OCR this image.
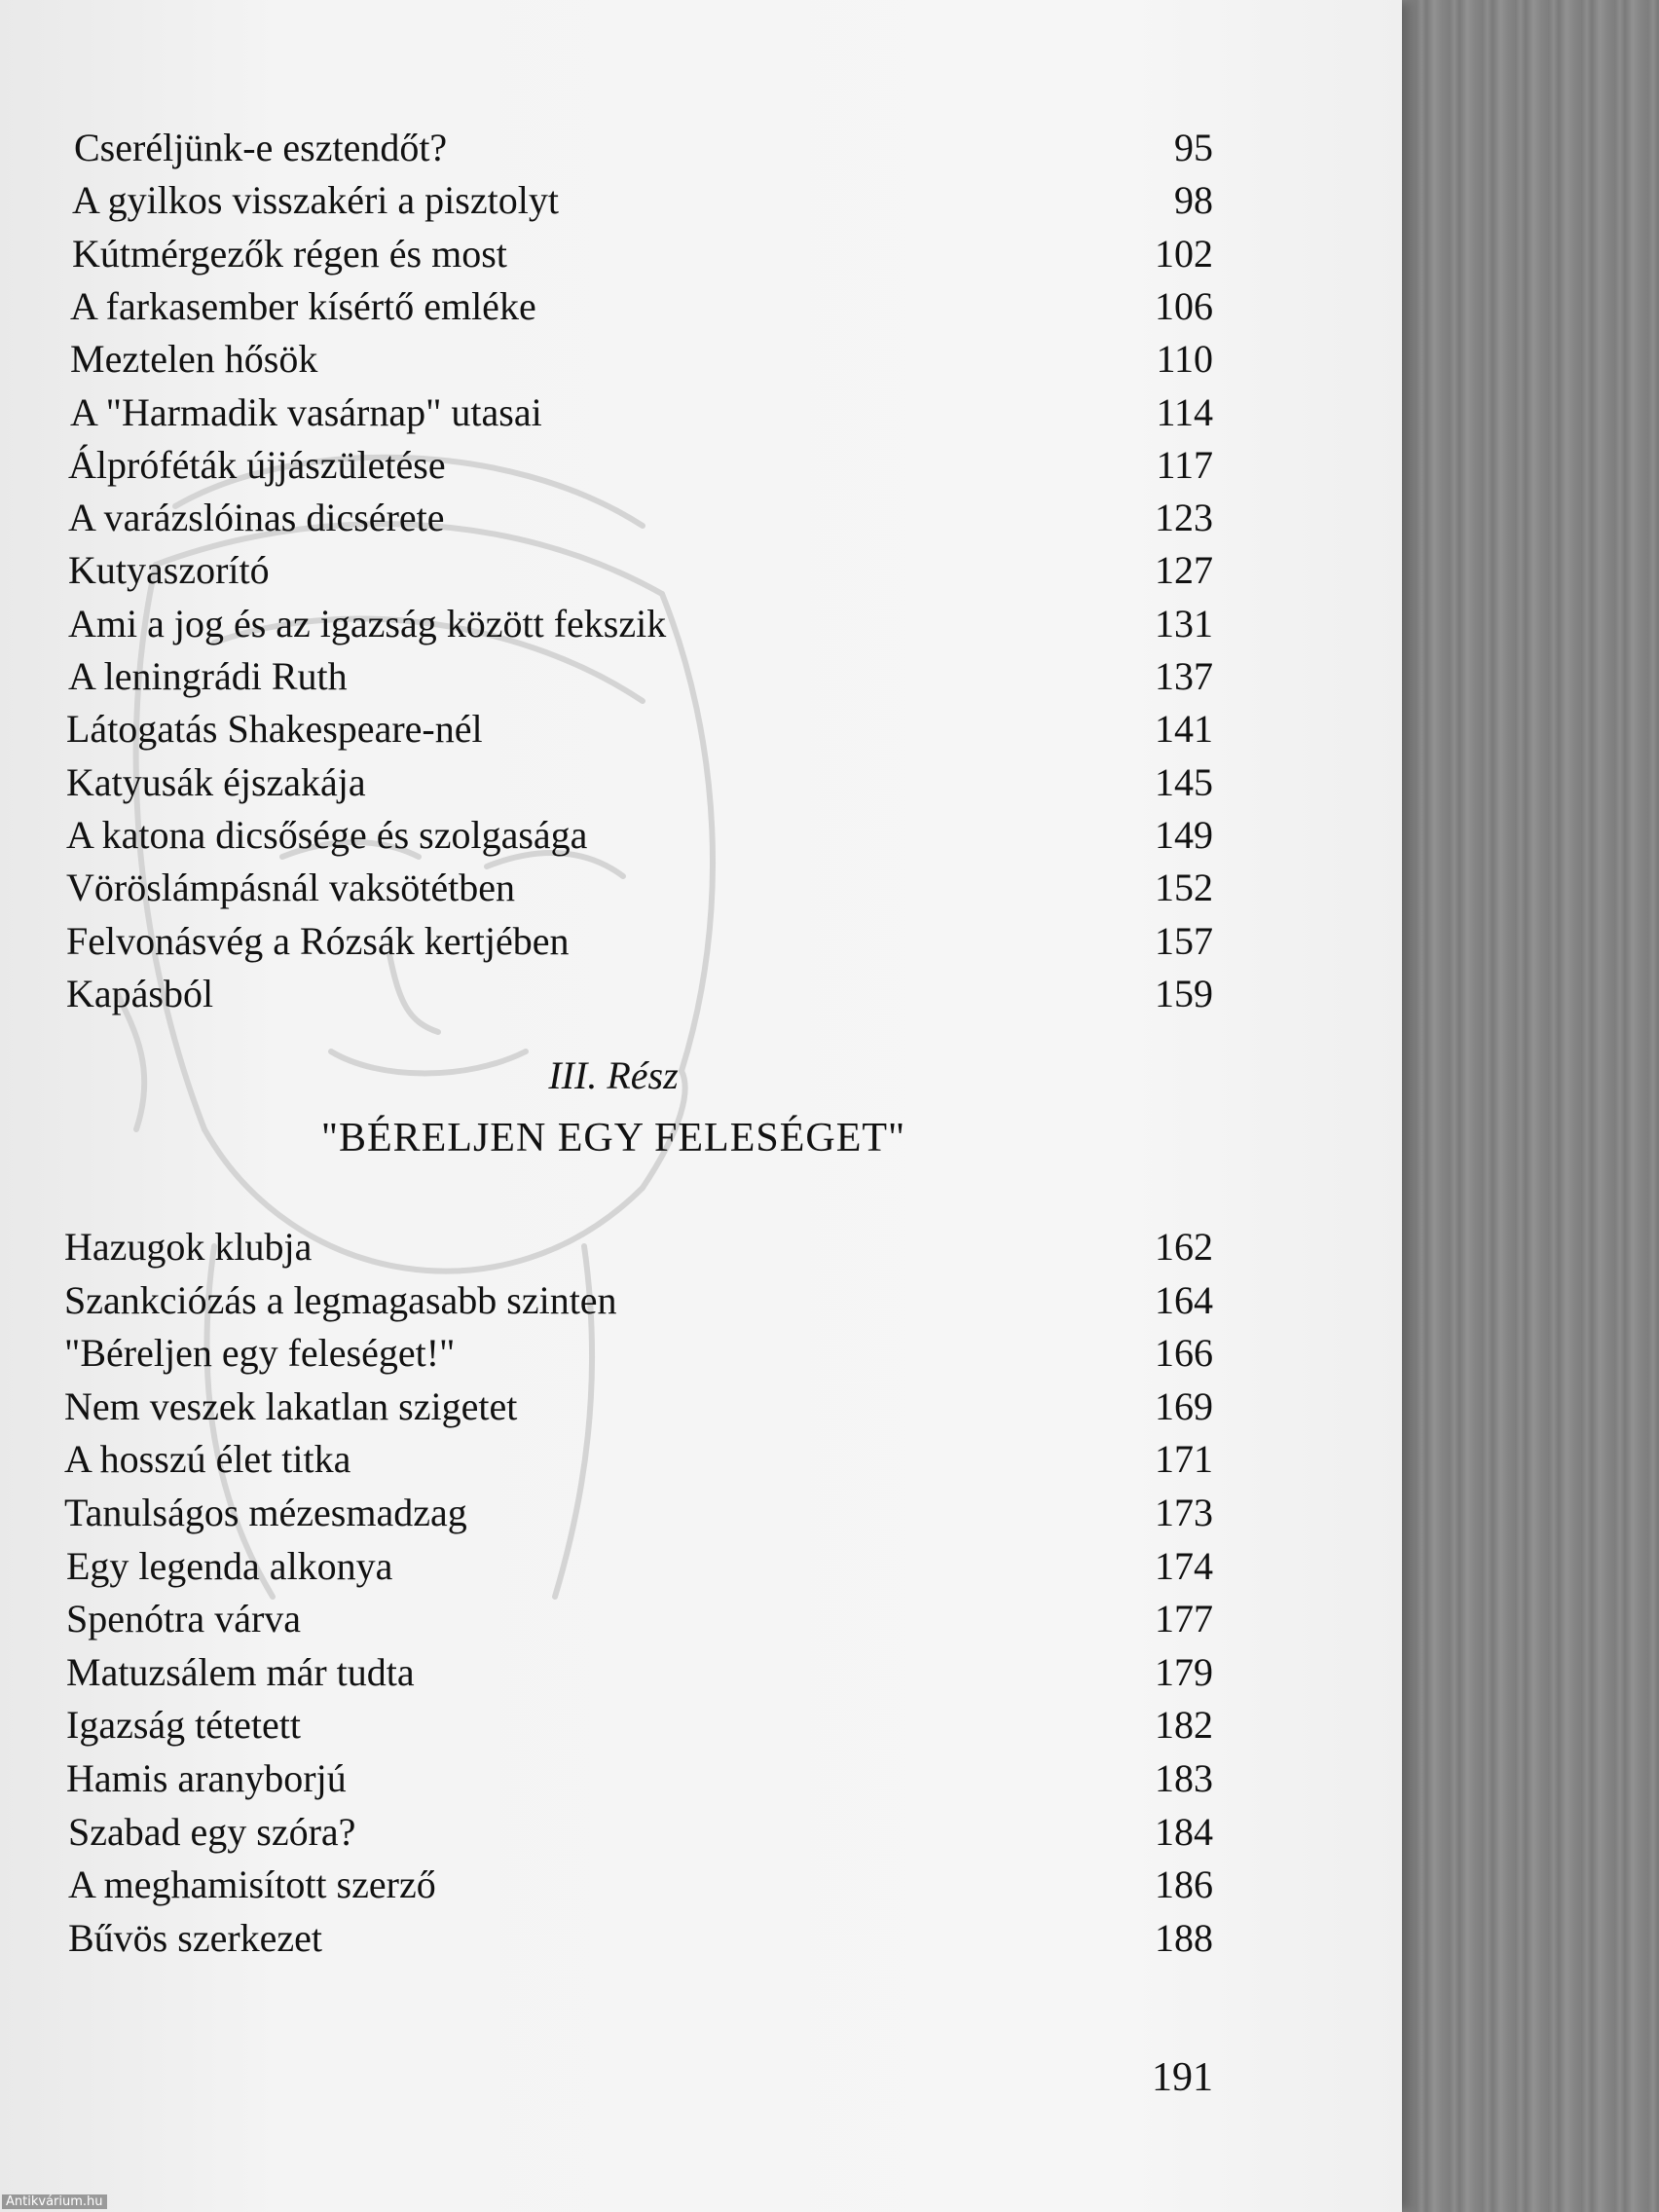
Cseréljünk-e esztendőt?	95
A gyilkos visszakéri a pisztolyt	98
Kútmérgezők régen és most	102
A farkasember kísértő emléke	106
Meztelen hősök	110
A "Harmadik vasárnap" utasai	114
Álpróféták újjászületése	117
A varázslóinas dicsérete	123
Kutyaszorító	127
Ami a jog és az igazság között fekszik	131
A leningrádi Ruth	137
Látogatás Shakespeare-nél	141
Katyusák éjszakája	145
A katona dicsősége és szolgasága	149
Vöröslámpásnál vaksötétben	152
Felvonásvég a Rózsák kertjében	157
Kapásból	159
III. Rész
"BÉRELJEN EGY FELESÉGET"
Hazugok klubja	162
Szankciózás a legmagasabb szinten	164
"Béreljen egy feleséget!"	166
Nem veszek lakatlan szigetet	169
A hosszú élet titka	171
Tanulságos mézesmadzag	173
Egy legenda alkonya	174
Spenótra várva	177
Matuzsálem már tudta	179
Igazság tétetett	182
Hamis aranyborjú	183
Szabad egy szóra?	184
A meghamisított szerző	186
Bűvös szerkezet	188
191
Antikvárium.hu
